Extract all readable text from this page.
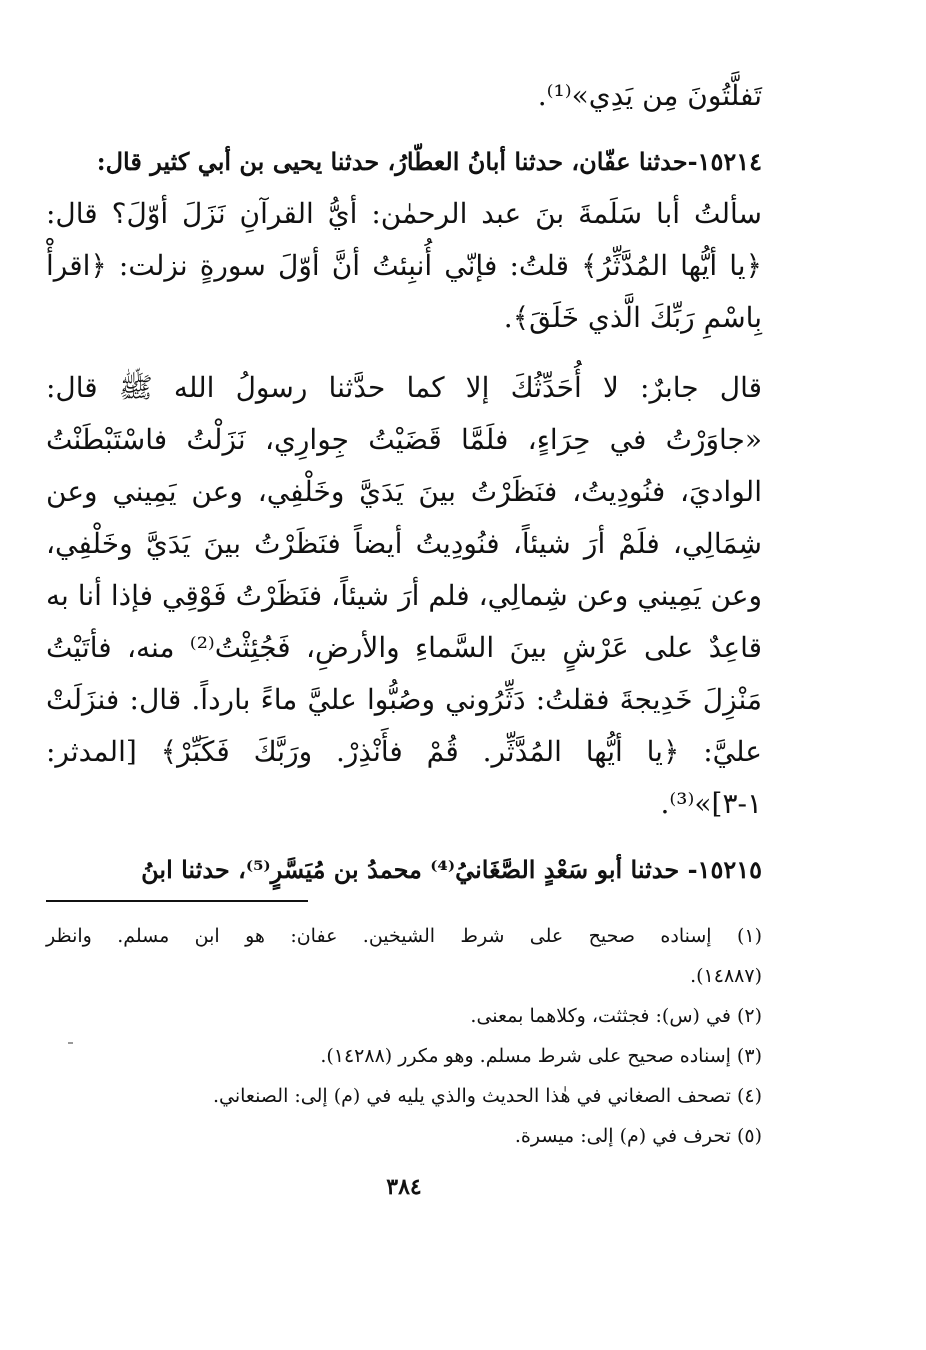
تَفلَّتُونَ مِن يَدِي»⁽¹⁾.

١٥٢١٤-حدثنا عفّان، حدثنا أبانُ العطّارُ، حدثنا يحيى بن أبي كثير قال:

سألتُ أبا سَلَمةَ بنَ عبد الرحمٰن: أيُّ القرآنِ نَزَلَ أوّلَ؟ قال:

﴿يا أيُّها المُدَّثِّرُ﴾ قلتُ: فإنّي أُنبِئتُ أنَّ أوّلَ سورةٍ نزلت: ﴿اقرأْ

بِاسْمِ رَبِّكَ الَّذي خَلَقَ﴾.

قال جابرٌ: لا أُحَدِّثُكَ إلا كما حدَّثنا رسولُ الله ﷺ قال:

«جاوَرْتُ في حِرَاءٍ، فلَمَّا قَضَيْتُ جِوارِي، نَزَلْتُ فاسْتَبْطَنْتُ

الواديَ، فنُودِيتُ، فنَظَرْتُ بينَ يَدَيَّ وخَلْفِي، وعن يَمِيني وعن

شِمَالِي، فلَمْ أرَ شيئاً، فنُودِيتُ أيضاً فنَظَرْتُ بينَ يَدَيَّ وخَلْفِي،

وعن يَمِيني وعن شِمالِي، فلم أرَ شيئاً، فنَظَرْتُ فَوْقِي فإذا أنا به

قاعِدٌ على عَرْشٍ بينَ السَّماءِ والأرضِ، فَجُئِثْتُ⁽²⁾ منه، فأتَيْتُ

مَنْزِلَ خَدِيجةَ فقلتُ: دَثِّرُوني وصُبُّوا عليَّ ماءً بارداً. قال: فنزَلَتْ

عليَّ: ﴿يا أيُّها المُدَّثِّر. قُمْ فأَنْذِرْ. ورَبَّكَ فَكَبِّرْ﴾ [المدثر:

١-٣]»⁽³⁾.

١٥٢١٥- حدثنا أبو سَعْدٍ الصَّغَانيُ⁽⁴⁾ محمدُ بن مُيَسَّرٍ⁽⁵⁾، حدثنا ابنُ

(١) إسناده صحيح على شرط الشيخين. عفان: هو ابن مسلم. وانظر

(١٤٨٨٧).

(٢) في (س): فجثثت، وكلاهما بمعنى.

(٣) إسناده صحيح على شرط مسلم. وهو مكرر (١٤٢٨٨).

(٤) تصحف الصغاني في هٰذا الحديث والذي يليه في (م) إلى: الصنعاني.

(٥) تحرف في (م) إلى: ميسرة.

٣٨٤
